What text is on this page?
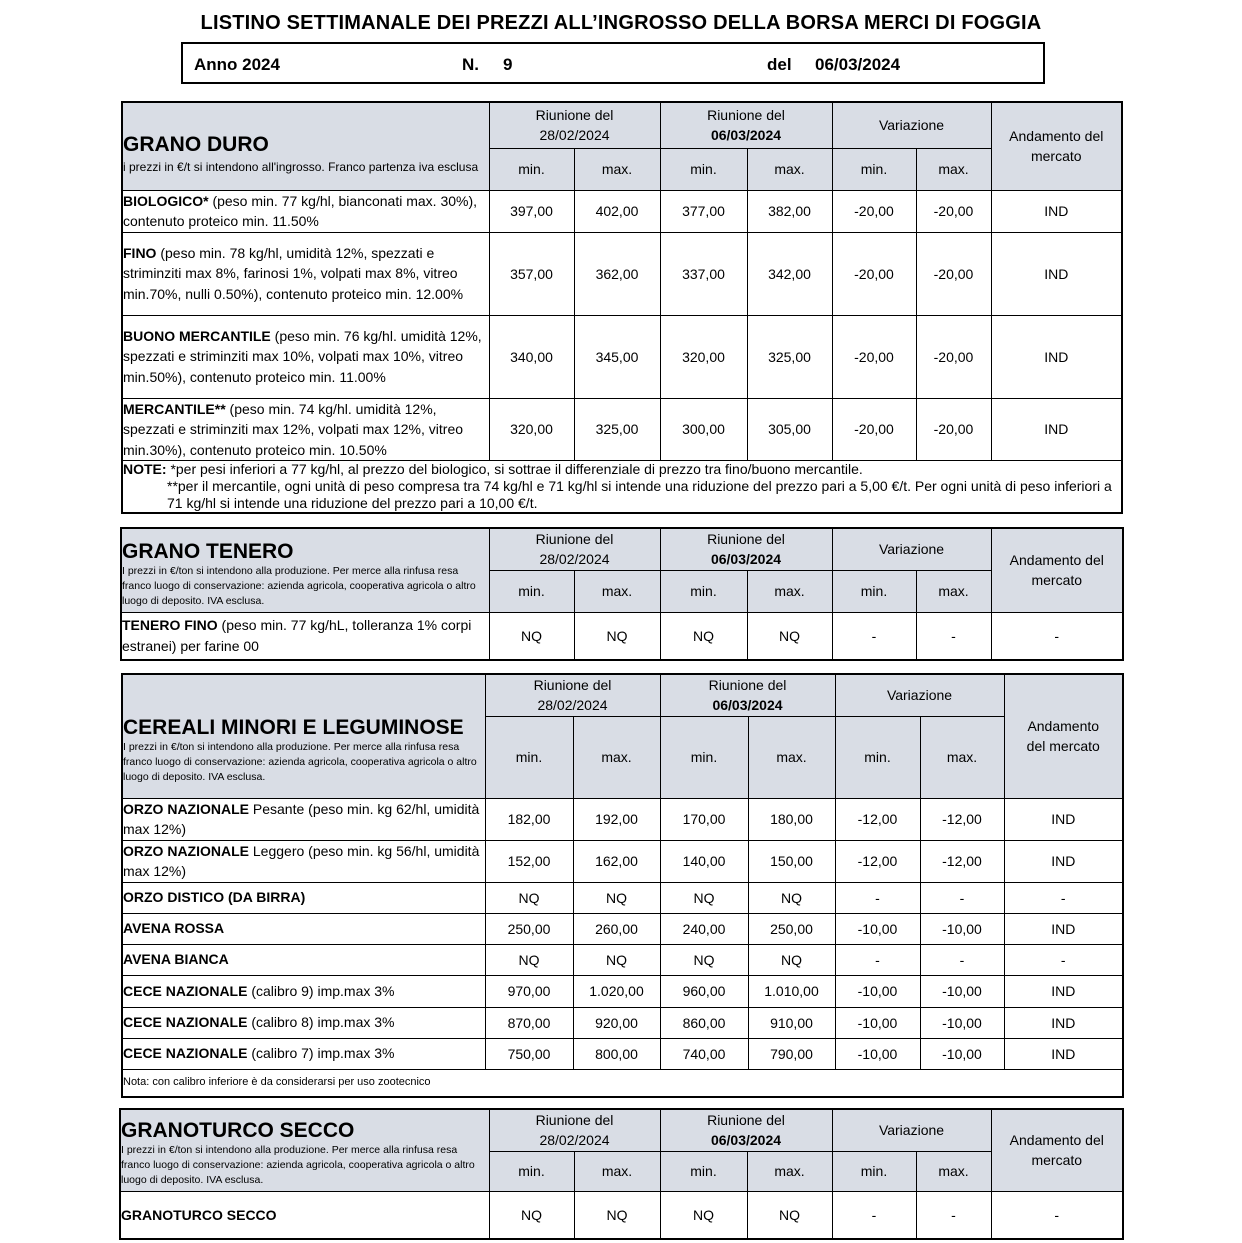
LISTINO SETTIMANALE DEI PREZZI ALL’INGROSSO DELLA BORSA MERCI DI FOGGIA
Anno 2024	N. 9	del 06/03/2024
GRANO DURO
i prezzi in €/t si intendono all'ingrosso. Franco partenza iva esclusa	Riunione del
28/02/2024		Riunione del
06/03/2024		Variazione		Andamento del
mercato
	min.	max.	min.	max.	min.	max.	
BIOLOGICO* (peso min. 77 kg/hl, bianconati max. 30%), contenuto proteico min. 11.50%	397,00	402,00	377,00	382,00	-20,00	-20,00	IND
FINO (peso min. 78 kg/hl, umidità 12%, spezzati e striminziti max 8%, farinosi 1%, volpati max 8%, vitreo min.70%, nulli 0.50%), contenuto proteico min. 12.00%	357,00	362,00	337,00	342,00	-20,00	-20,00	IND
BUONO MERCANTILE (peso min. 76 kg/hl. umidità 12%, spezzati e striminziti max 10%, volpati max 10%, vitreo min.50%), contenuto proteico min. 11.00%	340,00	345,00	320,00	325,00	-20,00	-20,00	IND
MERCANTILE** (peso min. 74 kg/hl. umidità 12%, spezzati e striminziti max 12%, volpati max 12%, vitreo min.30%), contenuto proteico min. 10.50%	320,00	325,00	300,00	305,00	-20,00	-20,00	IND
NOTE: *per pesi inferiori a 77 kg/hl, al prezzo del biologico, si sottrae il differenziale di prezzo tra fino/buono mercantile.
**per il mercantile, ogni unità di peso compresa tra 74 kg/hl e 71 kg/hl si intende una riduzione del prezzo pari a 5,00 €/t. Per ogni unità di peso inferiori a 71 kg/hl si intende una riduzione del prezzo pari a 10,00 €/t.							
GRANO TENERO
I prezzi in €/ton si intendono alla produzione. Per merce alla rinfusa resa franco luogo di conservazione: azienda agricola, cooperativa agricola o altro luogo di deposito. IVA esclusa.	Riunione del
28/02/2024		Riunione del
06/03/2024		Variazione		Andamento del
mercato
	min.	max.	min.	max.	min.	max.	
TENERO FINO (peso min. 77 kg/hL, tolleranza 1% corpi estranei) per farine 00	NQ	NQ	NQ	NQ	-	-	-
CEREALI MINORI E LEGUMINOSE
I prezzi in €/ton si intendono alla produzione. Per merce alla rinfusa resa franco luogo di conservazione: azienda agricola, cooperativa agricola o altro luogo di deposito. IVA esclusa.	Riunione del
28/02/2024		Riunione del
06/03/2024		Variazione		Andamento
del mercato
	min.	max.	min.	max.	min.	max.	
ORZO NAZIONALE Pesante (peso min. kg 62/hl, umidità max 12%)	182,00	192,00	170,00	180,00	-12,00	-12,00	IND
ORZO NAZIONALE Leggero (peso min. kg 56/hl, umidità max 12%)	152,00	162,00	140,00	150,00	-12,00	-12,00	IND
ORZO DISTICO (DA BIRRA)	NQ	NQ	NQ	NQ	-	-	-
AVENA ROSSA	250,00	260,00	240,00	250,00	-10,00	-10,00	IND
AVENA BIANCA	NQ	NQ	NQ	NQ	-	-	-
CECE NAZIONALE (calibro 9) imp.max 3%	970,00	1.020,00	960,00	1.010,00	-10,00	-10,00	IND
CECE NAZIONALE (calibro 8) imp.max 3%	870,00	920,00	860,00	910,00	-10,00	-10,00	IND
CECE NAZIONALE (calibro 7) imp.max 3%	750,00	800,00	740,00	790,00	-10,00	-10,00	IND
Nota: con calibro inferiore è da considerarsi per uso zootecnico							
GRANOTURCO SECCO
I prezzi in €/ton si intendono alla produzione. Per merce alla rinfusa resa franco luogo di conservazione: azienda agricola, cooperativa agricola o altro luogo di deposito. IVA esclusa.	Riunione del
28/02/2024		Riunione del
06/03/2024		Variazione		Andamento del
mercato
	min.	max.	min.	max.	min.	max.	
GRANOTURCO SECCO	NQ	NQ	NQ	NQ	-	-	-
